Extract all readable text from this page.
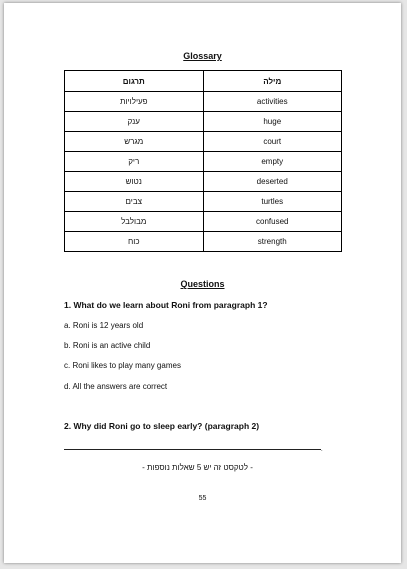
Glossary
תרגום	מילה
פעילויות	activities
ענק	huge
מגרש	court
ריק	empty
נטוש	deserted
צבים	turtles
מבולבל	confused
כוח	strength
Questions
1. What do we learn about Roni from paragraph 1?
a. Roni is 12 years old
b. Roni is an active child
c. Roni likes to play many games
d. All the answers are correct
2. Why did Roni go to sleep early? (paragraph 2)
.
- לטקסט זה יש 5 שאלות נוספות -
55
